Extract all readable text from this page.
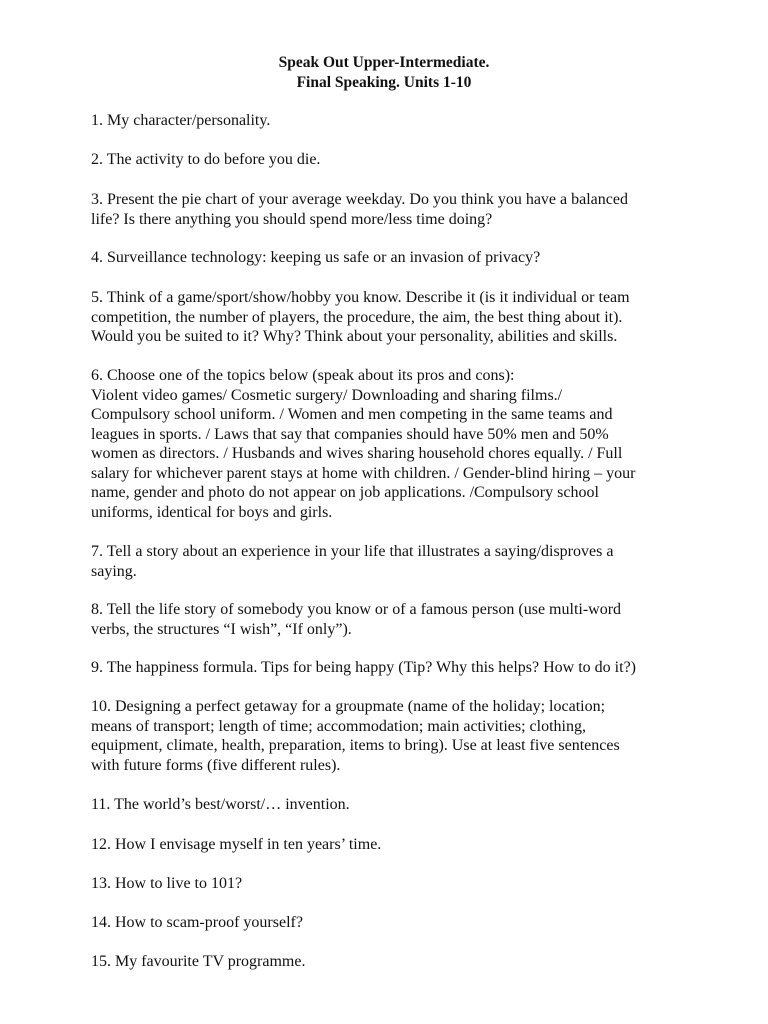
Speak Out Upper-Intermediate.
Final Speaking. Units 1-10
1. My character/personality.
2. The activity to do before you die.
3. Present the pie chart of your average weekday. Do you think you have a balanced
life? Is there anything you should spend more/less time doing?
4. Surveillance technology: keeping us safe or an invasion of privacy?
5. Think of a game/sport/show/hobby you know. Describe it (is it individual or team
competition, the number of players, the procedure, the aim, the best thing about it).
Would you be suited to it? Why? Think about your personality, abilities and skills.
6. Choose one of the topics below (speak about its pros and cons):
Violent video games/ Cosmetic surgery/ Downloading and sharing films./
Compulsory school uniform. / Women and men competing in the same teams and
leagues in sports. / Laws that say that companies should have 50% men and 50%
women as directors. / Husbands and wives sharing household chores equally. / Full
salary for whichever parent stays at home with children. / Gender-blind hiring – your
name, gender and photo do not appear on job applications. /Compulsory school
uniforms, identical for boys and girls.
7. Tell a story about an experience in your life that illustrates a saying/disproves a
saying.
8. Tell the life story of somebody you know or of a famous person (use multi-word
verbs, the structures “I wish”, “If only”).
9. The happiness formula. Tips for being happy (Tip? Why this helps? How to do it?)
10. Designing a perfect getaway for a groupmate (name of the holiday; location;
means of transport; length of time; accommodation; main activities; clothing,
equipment, climate, health, preparation, items to bring). Use at least five sentences
with future forms (five different rules).
11. The world’s best/worst/… invention.
12. How I envisage myself in ten years’ time.
13. How to live to 101?
14. How to scam-proof yourself?
15. My favourite TV programme.
